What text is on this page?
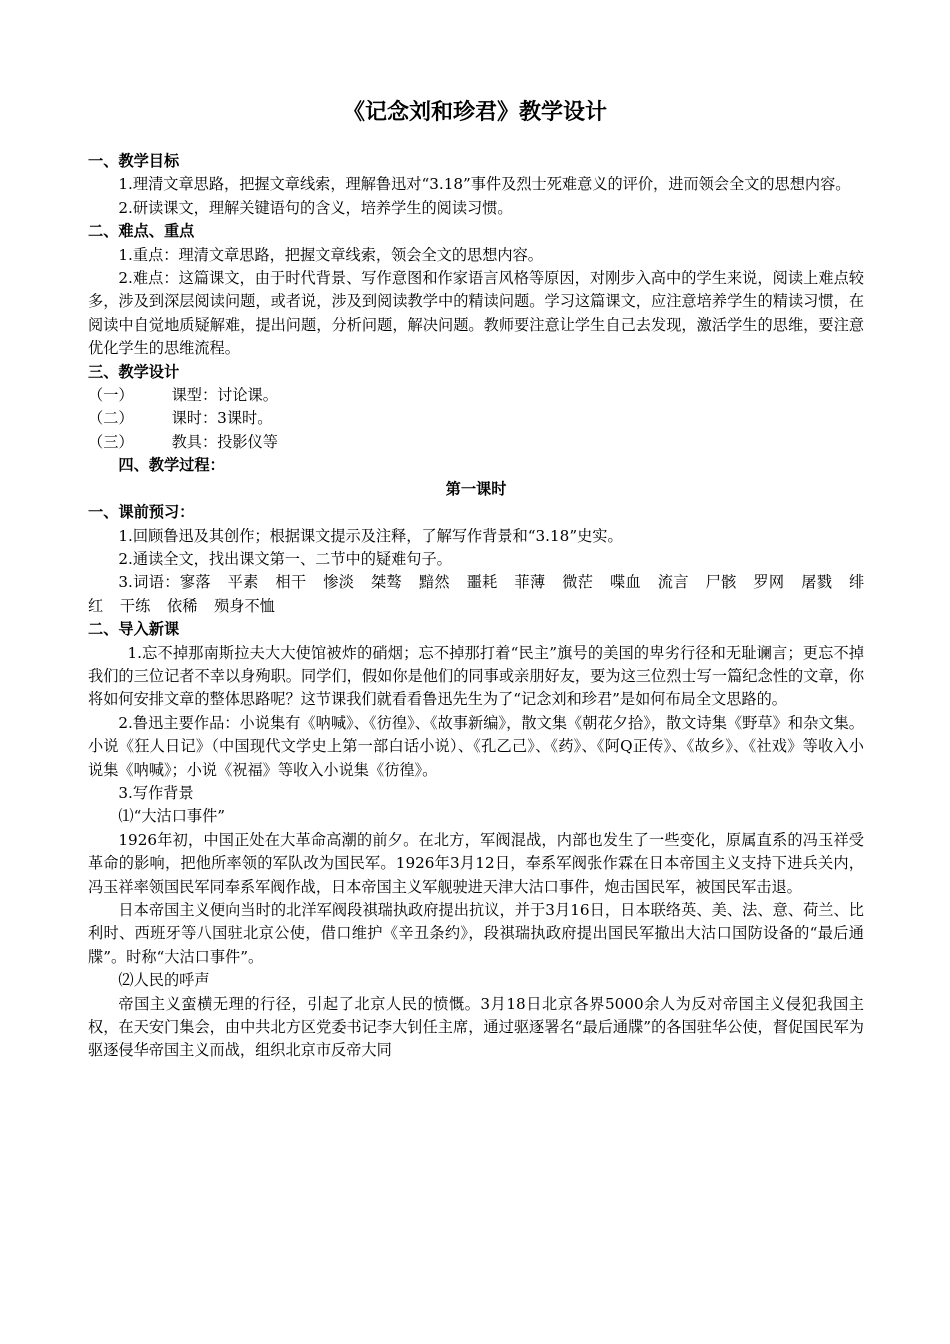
《记念刘和珍君》教学设计

一、教学目标

1.理清文章思路，把握文章线索，理解鲁迅对“3.18”事件及烈士死难意义的评价，进而领会全文的思想内容。

2.研读课文，理解关键语句的含义，培养学生的阅读习惯。

二、难点、重点

1.重点：理清文章思路，把握文章线索，领会全文的思想内容。

2.难点：这篇课文，由于时代背景、写作意图和作家语言风格等原因，对刚步入高中的学生来说，阅读上难点较多，涉及到深层阅读问题，或者说，涉及到阅读教学中的精读问题。学习这篇课文，应注意培养学生的精读习惯，在阅读中自觉地质疑解难，提出问题，分析问题，解决问题。教师要注意让学生自己去发现，激活学生的思维，要注意优化学生的思维流程。

三、教学设计

（一）	课型：讨论课。

（二）	课时：3课时。

（三）	教具：投影仪等

四、教学过程：

第一课时

一、课前预习：

1.回顾鲁迅及其创作；根据课文提示及注释，了解写作背景和“3.18”史实。

2.通读全文，找出课文第一、二节中的疑难句子。

3.词语：寥落 平素 相干 惨淡 桀骜 黯然 噩耗 菲薄 微茫 喋血 流言 尸骸 罗网 屠戮 绯红 干练 依稀 殒身不恤

二、导入新课

1.忘不掉那南斯拉夫大大使馆被炸的硝烟；忘不掉那打着“民主”旗号的美国的卑劣行径和无耻谰言；更忘不掉我们的三位记者不幸以身殉职。同学们，假如你是他们的同事或亲朋好友，要为这三位烈士写一篇纪念性的文章，你将如何安排文章的整体思路呢？这节课我们就看看鲁迅先生为了“记念刘和珍君”是如何布局全文思路的。

2.鲁迅主要作品：小说集有《呐喊》、《彷徨》、《故事新编》，散文集《朝花夕拾》，散文诗集《野草》和杂文集。小说《狂人日记》（中国现代文学史上第一部白话小说）、《孔乙己》、《药》、《阿Q正传》、《故乡》、《社戏》等收入小说集《呐喊》；小说《祝福》等收入小说集《彷徨》。

3.写作背景

⑴“大沽口事件”

1926年初，中国正处在大革命高潮的前夕。在北方，军阀混战，内部也发生了一些变化，原属直系的冯玉祥受革命的影响，把他所率领的军队改为国民军。1926年3月12日，奉系军阀张作霖在日本帝国主义支持下进兵关内，冯玉祥率领国民军同奉系军阀作战，日本帝国主义军舰驶进天津大沽口事件，炮击国民军，被国民军击退。

日本帝国主义便向当时的北洋军阀段祺瑞执政府提出抗议，并于3月16日，日本联络英、美、法、意、荷兰、比利时、西班牙等八国驻北京公使，借口维护《辛丑条约》，段祺瑞执政府提出国民军撤出大沽口国防设备的“最后通牒”。时称“大沽口事件”。

⑵人民的呼声

帝国主义蛮横无理的行径，引起了北京人民的愤慨。3月18日北京各界5000余人为反对帝国主义侵犯我国主权，在天安门集会，由中共北方区党委书记李大钊任主席，通过驱逐署名“最后通牒”的各国驻华公使，督促国民军为驱逐侵华帝国主义而战，组织北京市反帝大同
